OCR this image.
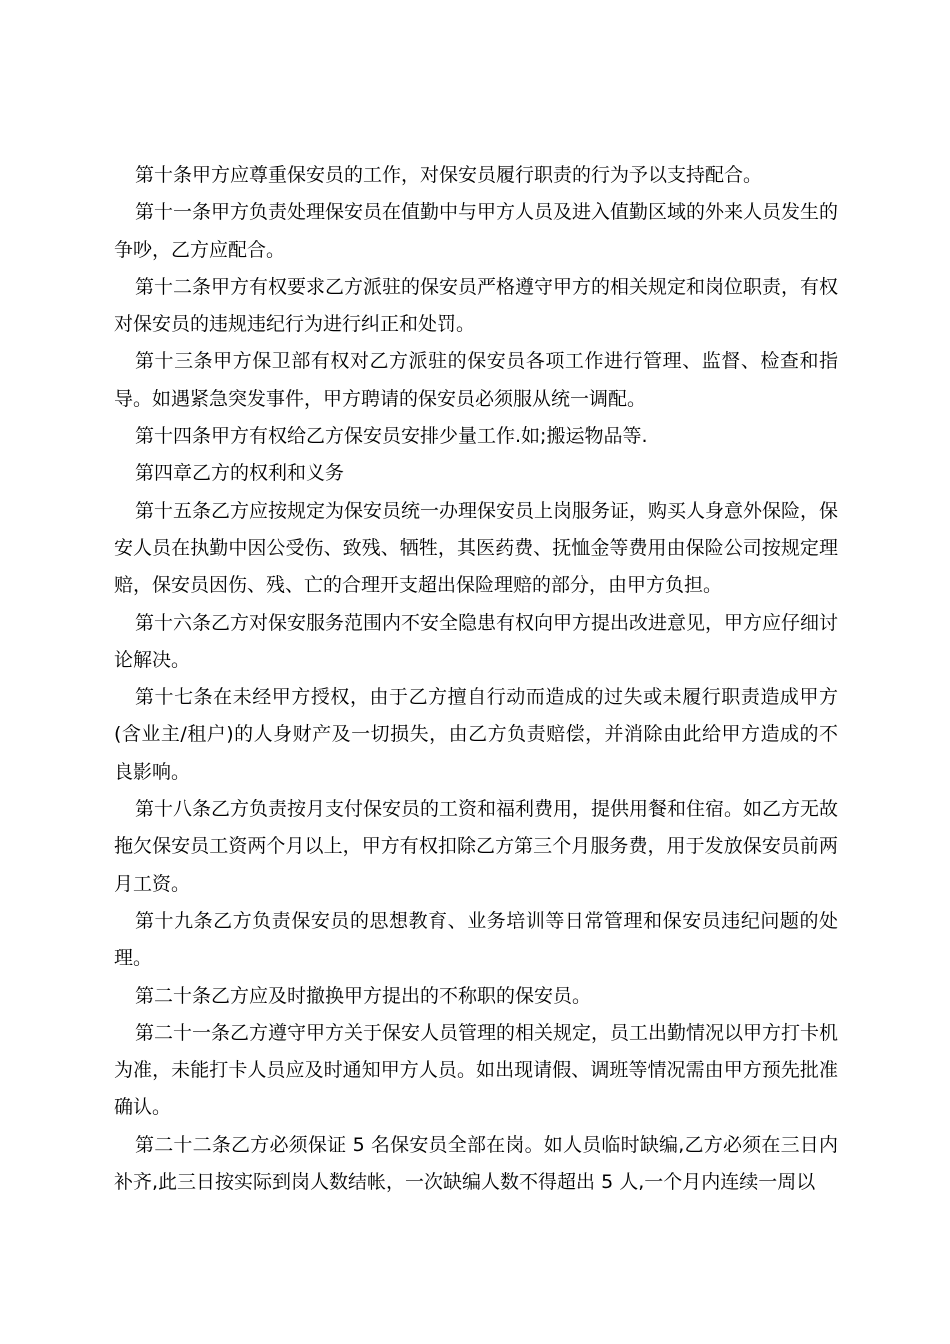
第十条甲方应尊重保安员的工作，对保安员履行职责的行为予以支持配合。

第十一条甲方负责处理保安员在值勤中与甲方人员及进入值勤区域的外来人员发生的争吵，乙方应配合。

第十二条甲方有权要求乙方派驻的保安员严格遵守甲方的相关规定和岗位职责，有权对保安员的违规违纪行为进行纠正和处罚。

第十三条甲方保卫部有权对乙方派驻的保安员各项工作进行管理、监督、检查和指导。如遇紧急突发事件，甲方聘请的保安员必须服从统一调配。

第十四条甲方有权给乙方保安员安排少量工作.如;搬运物品等.

第四章乙方的权利和义务

第十五条乙方应按规定为保安员统一办理保安员上岗服务证，购买人身意外保险，保安人员在执勤中因公受伤、致残、牺牲，其医药费、抚恤金等费用由保险公司按规定理赔，保安员因伤、残、亡的合理开支超出保险理赔的部分，由甲方负担。

第十六条乙方对保安服务范围内不安全隐患有权向甲方提出改进意见，甲方应仔细讨论解决。

第十七条在未经甲方授权，由于乙方擅自行动而造成的过失或未履行职责造成甲方(含业主/租户)的人身财产及一切损失，由乙方负责赔偿，并消除由此给甲方造成的不良影响。

第十八条乙方负责按月支付保安员的工资和福利费用，提供用餐和住宿。如乙方无故拖欠保安员工资两个月以上，甲方有权扣除乙方第三个月服务费，用于发放保安员前两月工资。

第十九条乙方负责保安员的思想教育、业务培训等日常管理和保安员违纪问题的处理。

第二十条乙方应及时撤换甲方提出的不称职的保安员。

第二十一条乙方遵守甲方关于保安人员管理的相关规定，员工出勤情况以甲方打卡机为准，未能打卡人员应及时通知甲方人员。如出现请假、调班等情况需由甲方预先批准确认。

第二十二条乙方必须保证 5 名保安员全部在岗。如人员临时缺编,乙方必须在三日内补齐,此三日按实际到岗人数结帐，一次缺编人数不得超出 5 人,一个月内连续一周以
